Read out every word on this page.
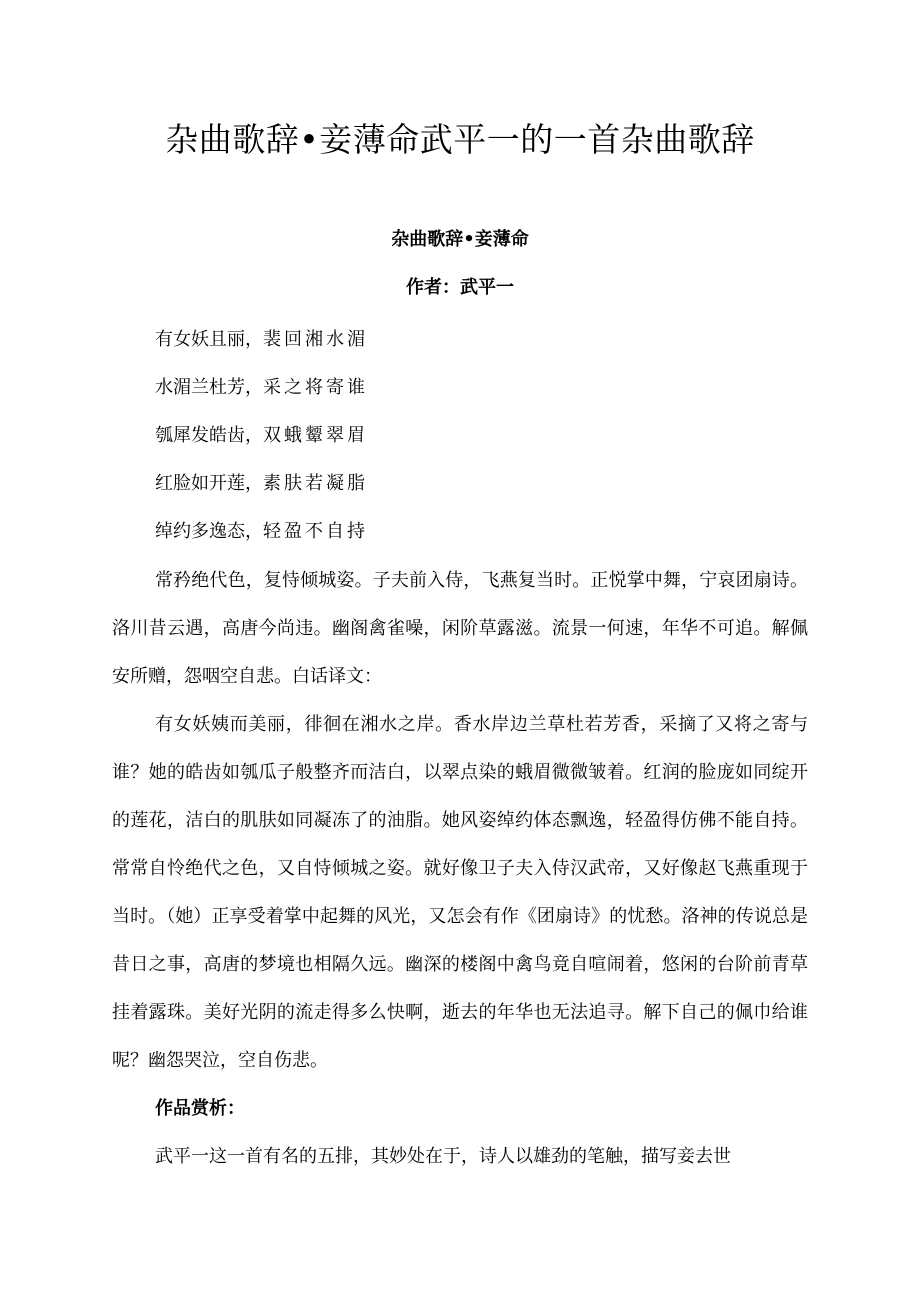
杂曲歌辞•妾薄命武平一的一首杂曲歌辞
杂曲歌辞•妾薄命
作者：武平一
有女妖且丽，裴回湘水湄
水湄兰杜芳，采之将寄谁
瓠犀发皓齿，双蛾颦翠眉
红脸如开莲，素肤若凝脂
绰约多逸态，轻盈不自持

常矜绝代色，复恃倾城姿。子夫前入侍，飞燕复当时。正悦掌中舞，宁哀团扇诗。洛川昔云遇，高唐今尚违。幽阁禽雀噪，闲阶草露滋。流景一何速，年华不可追。解佩安所赠，怨咽空自悲。白话译文：

有女妖姨而美丽，徘徊在湘水之岸。香水岸边兰草杜若芳香，采摘了又将之寄与谁？她的皓齿如瓠瓜子般整齐而洁白，以翠点染的蛾眉微微皱着。红润的脸庞如同绽开的莲花，洁白的肌肤如同凝冻了的油脂。她风姿绰约体态飘逸，轻盈得仿佛不能自持。常常自怜绝代之色，又自恃倾城之姿。就好像卫子夫入侍汉武帝，又好像赵飞燕重现于当时。（她）正享受着掌中起舞的风光，又怎会有作《团扇诗》的忧愁。洛神的传说总是昔日之事，高唐的梦境也相隔久远。幽深的楼阁中禽鸟竟自喧闹着，悠闲的台阶前青草挂着露珠。美好光阴的流走得多么快啊，逝去的年华也无法追寻。解下自己的佩巾给谁呢？幽怨哭泣，空自伤悲。

作品赏析：

武平一这一首有名的五排，其妙处在于，诗人以雄劲的笔触，描写妾去世
